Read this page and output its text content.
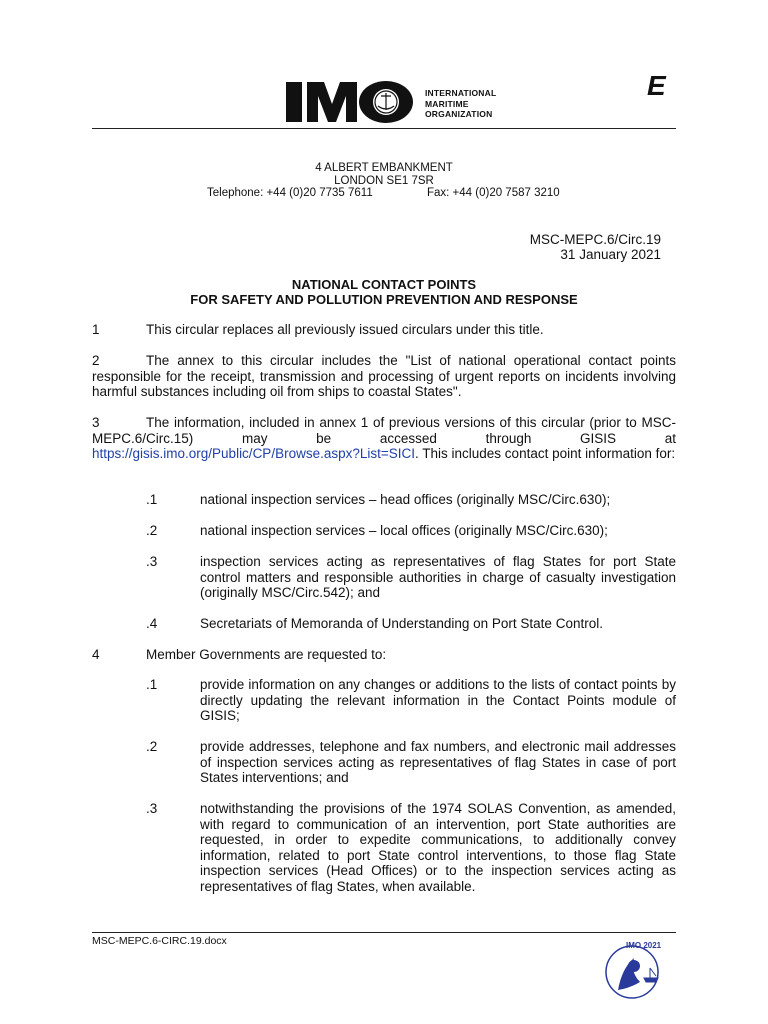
INTERNATIONAL
MARITIME
ORGANIZATION
E
4 ALBERT EMBANKMENT
LONDON SE1 7SR
Telephone: +44 (0)20 7735 7611	Fax: +44 (0)20 7587 3210
MSC-MEPC.6/Circ.19
31 January 2021
NATIONAL CONTACT POINTS
FOR SAFETY AND POLLUTION PREVENTION AND RESPONSE
1	This circular replaces all previously issued circulars under this title.
2	The annex to this circular includes the "List of national operational contact points responsible for the receipt, transmission and processing of urgent reports on incidents involving harmful substances including oil from ships to coastal States".
3	The information, included in annex 1 of previous versions of this circular (prior to MSC-MEPC.6/Circ.15) may be accessed through GISIS at https://gisis.imo.org/Public/CP/Browse.aspx?List=SICI. This includes contact point information for:
.1	national inspection services – head offices (originally MSC/Circ.630);
.2	national inspection services – local offices (originally MSC/Circ.630);
.3	inspection services acting as representatives of flag States for port State control matters and responsible authorities in charge of casualty investigation (originally MSC/Circ.542); and
.4	Secretariats of Memoranda of Understanding on Port State Control.
4	Member Governments are requested to:
.1	provide information on any changes or additions to the lists of contact points by directly updating the relevant information in the Contact Points module of GISIS;
.2	provide addresses, telephone and fax numbers, and electronic mail addresses of inspection services acting as representatives of flag States in case of port States interventions; and
.3	notwithstanding the provisions of the 1974 SOLAS Convention, as amended, with regard to communication of an intervention, port State authorities are requested, in order to expedite communications, to additionally convey information, related to port State control interventions, to those flag State inspection services (Head Offices) or to the inspection services acting as representatives of flag States, when available.
MSC-MEPC.6-CIRC.19.docx	IMO 2021
